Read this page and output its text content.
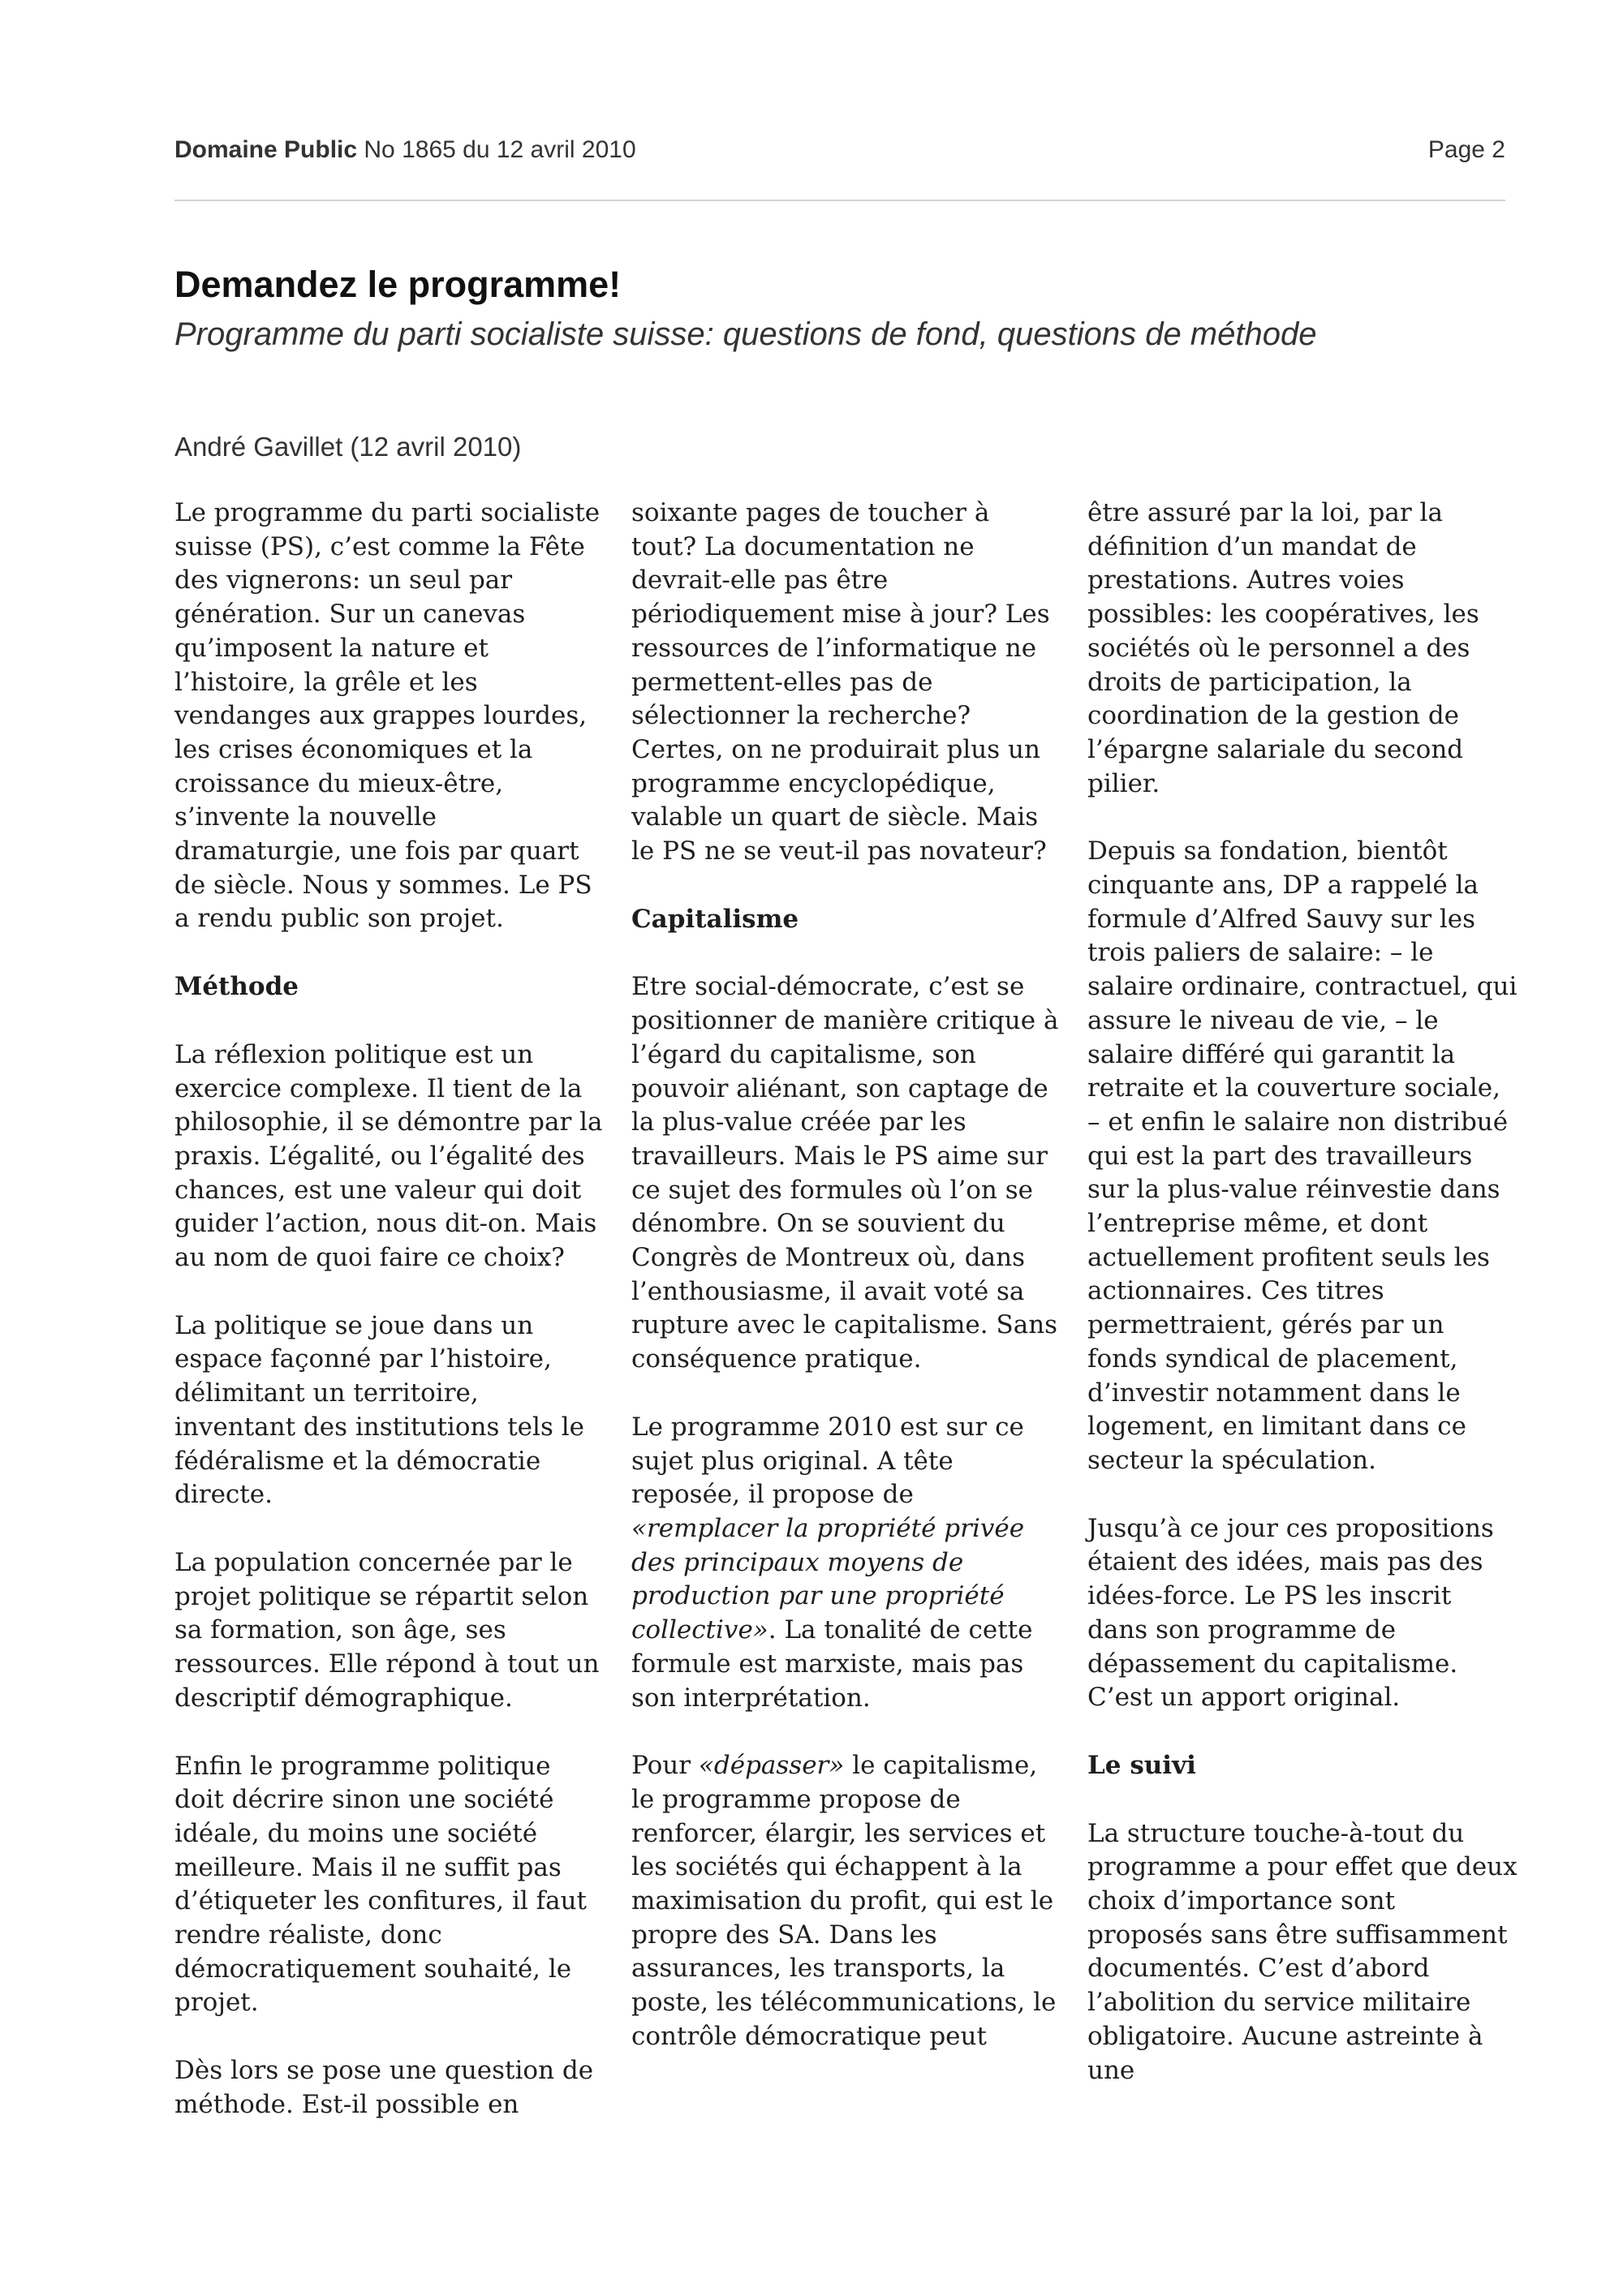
Domaine Public No 1865 du 12 avril 2010	Page 2
Demandez le programme!

Programme du parti socialiste suisse: questions de fond, questions de méthode

André Gavillet (12 avril 2010)

Le programme du parti socialiste suisse (PS), c’est comme la Fête des vignerons: un seul par génération. Sur un canevas qu’imposent la nature et l’histoire, la grêle et les vendanges aux grappes lourdes, les crises économiques et la croissance du mieux-être, s’invente la nouvelle dramaturgie, une fois par quart de siècle. Nous y sommes. Le PS a rendu public son projet.

Méthode

La réflexion politique est un exercice complexe. Il tient de la philosophie, il se démontre par la praxis. L’égalité, ou l’égalité des chances, est une valeur qui doit guider l’action, nous dit-on. Mais au nom de quoi faire ce choix?

La politique se joue dans un espace façonné par l’histoire, délimitant un territoire, inventant des institutions tels le fédéralisme et la démocratie directe.

La population concernée par le projet politique se répartit selon sa formation, son âge, ses ressources. Elle répond à tout un descriptif démographique.

Enfin le programme politique doit décrire sinon une société idéale, du moins une société meilleure. Mais il ne suffit pas d’étiqueter les confitures, il faut rendre réaliste, donc démocratiquement souhaité, le projet.

Dès lors se pose une question de méthode. Est-il possible en

soixante pages de toucher à tout? La documentation ne devrait-elle pas être périodiquement mise à jour? Les ressources de l’informatique ne permettent-elles pas de sélectionner la recherche? Certes, on ne produirait plus un programme encyclopédique, valable un quart de siècle. Mais le PS ne se veut-il pas novateur?

Capitalisme

Etre social-démocrate, c’est se positionner de manière critique à l’égard du capitalisme, son pouvoir aliénant, son captage de la plus-value créée par les travailleurs. Mais le PS aime sur ce sujet des formules où l’on se dénombre. On se souvient du Congrès de Montreux où, dans l’enthousiasme, il avait voté sa rupture avec le capitalisme. Sans conséquence pratique.

Le programme 2010 est sur ce sujet plus original. A tête reposée, il propose de «remplacer la propriété privée des principaux moyens de production par une propriété collective». La tonalité de cette formule est marxiste, mais pas son interprétation.

Pour «dépasser» le capitalisme, le programme propose de renforcer, élargir, les services et les sociétés qui échappent à la maximisation du profit, qui est le propre des SA. Dans les assurances, les transports, la poste, les télécommunications, le contrôle démocratique peut

être assuré par la loi, par la définition d’un mandat de prestations. Autres voies possibles: les coopératives, les sociétés où le personnel a des droits de participation, la coordination de la gestion de l’épargne salariale du second pilier.

Depuis sa fondation, bientôt cinquante ans, DP a rappelé la formule d’Alfred Sauvy sur les trois paliers de salaire: – le salaire ordinaire, contractuel, qui assure le niveau de vie, – le salaire différé qui garantit la retraite et la couverture sociale, – et enfin le salaire non distribué qui est la part des travailleurs sur la plus-value réinvestie dans l’entreprise même, et dont actuellement profitent seuls les actionnaires. Ces titres permettraient, gérés par un fonds syndical de placement, d’investir notamment dans le logement, en limitant dans ce secteur la spéculation.

Jusqu’à ce jour ces propositions étaient des idées, mais pas des idées-force. Le PS les inscrit dans son programme de dépassement du capitalisme. C’est un apport original.

Le suivi

La structure touche-à-tout du programme a pour effet que deux choix d’importance sont proposés sans être suffisamment documentés. C’est d’abord l’abolition du service militaire obligatoire. Aucune astreinte à une
